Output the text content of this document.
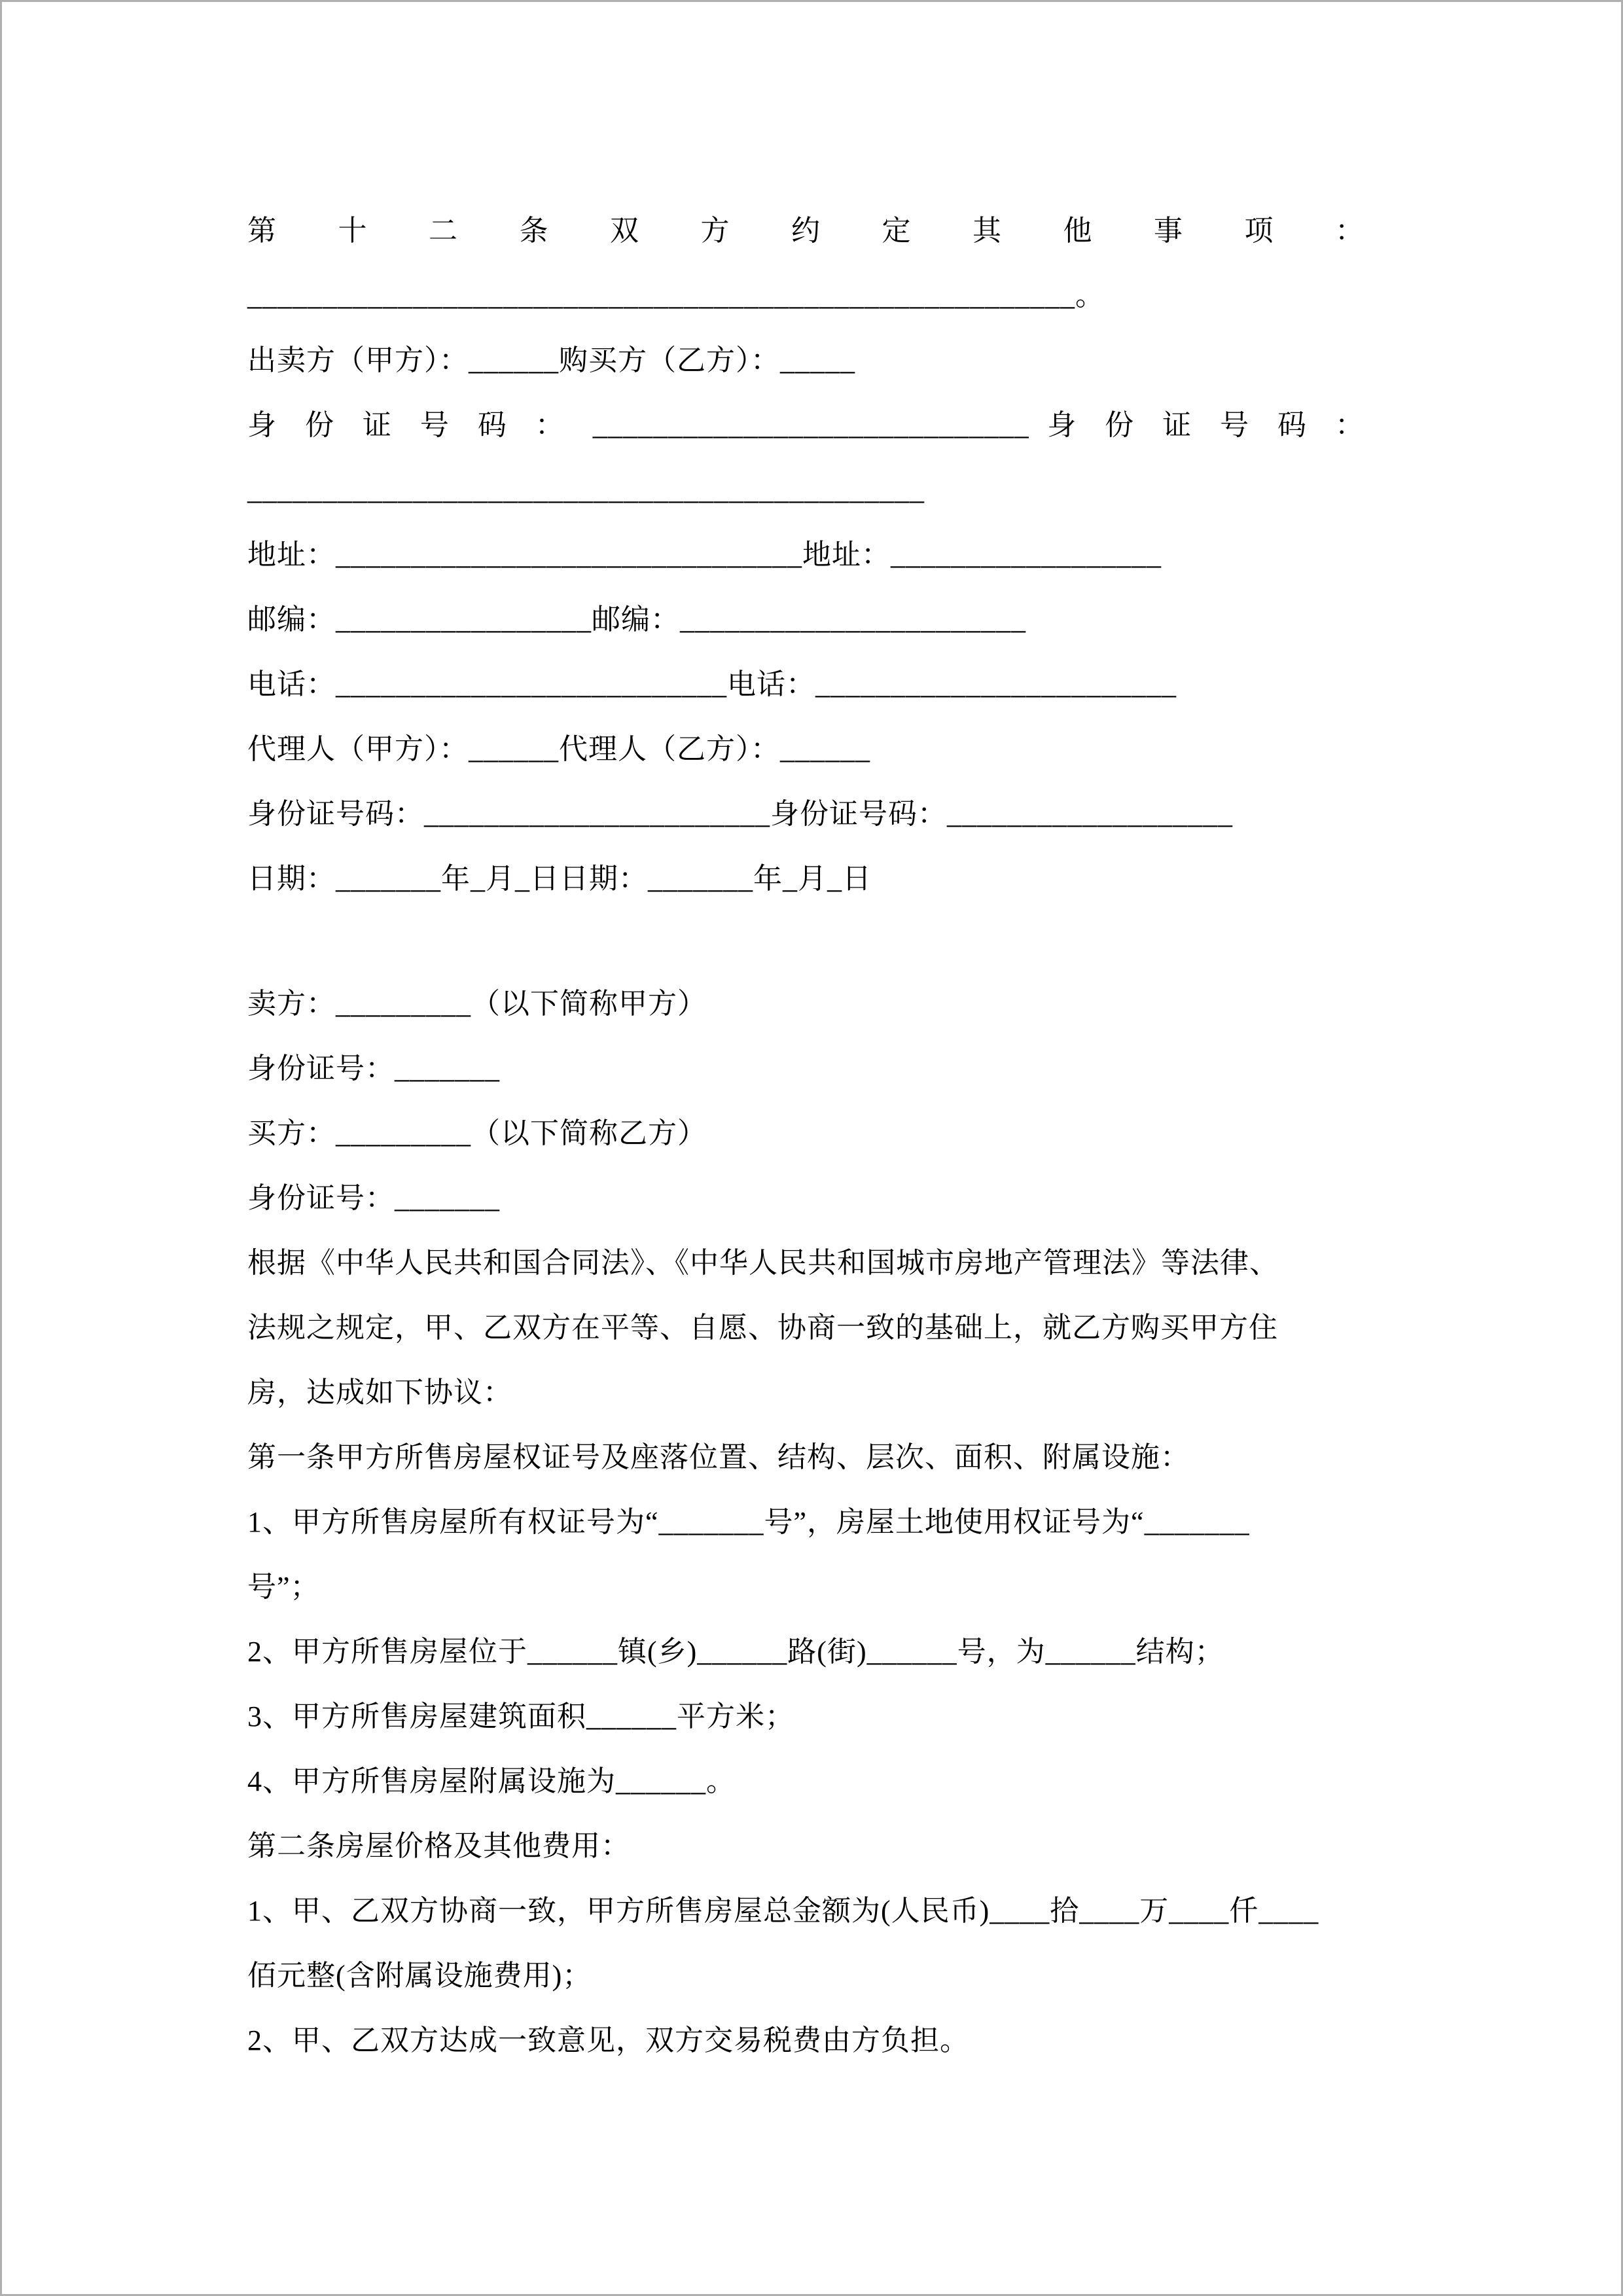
第 十 二 条 双 方 约 定 其 他 事 项 ：

_______________________________________________________。

出卖方（甲方）：______购买方（乙方）：_____

身 份 证 号 码 ： _____________________________ 身 份 证 号 码 ：

_____________________________________________

地址：_______________________________地址：__________________

邮编：_________________邮编：_______________________

电话：__________________________电话：________________________

代理人（甲方）：______代理人（乙方）：______

身份证号码：_______________________身份证号码：___________________

日期：_______年_月_日日期：_______年_月_日

卖方：_________（以下简称甲方）

身份证号：_______

买方：_________（以下简称乙方）

身份证号：_______

根据《中华人民共和国合同法》、《中华人民共和国城市房地产管理法》等法律、

法规之规定，甲、乙双方在平等、自愿、协商一致的基础上，就乙方购买甲方住

房，达成如下协议：

第一条甲方所售房屋权证号及座落位置、结构、层次、面积、附属设施：

1、甲方所售房屋所有权证号为“_______号”，房屋土地使用权证号为“_______

号”；

2、甲方所售房屋位于______镇(乡)______路(街)______号，为______结构；

3、甲方所售房屋建筑面积______平方米；

4、甲方所售房屋附属设施为______。

第二条房屋价格及其他费用：

1、甲、乙双方协商一致，甲方所售房屋总金额为(人民币)____拾____万____仟____

佰元整(含附属设施费用)；

2、甲、乙双方达成一致意见，双方交易税费由方负担。
